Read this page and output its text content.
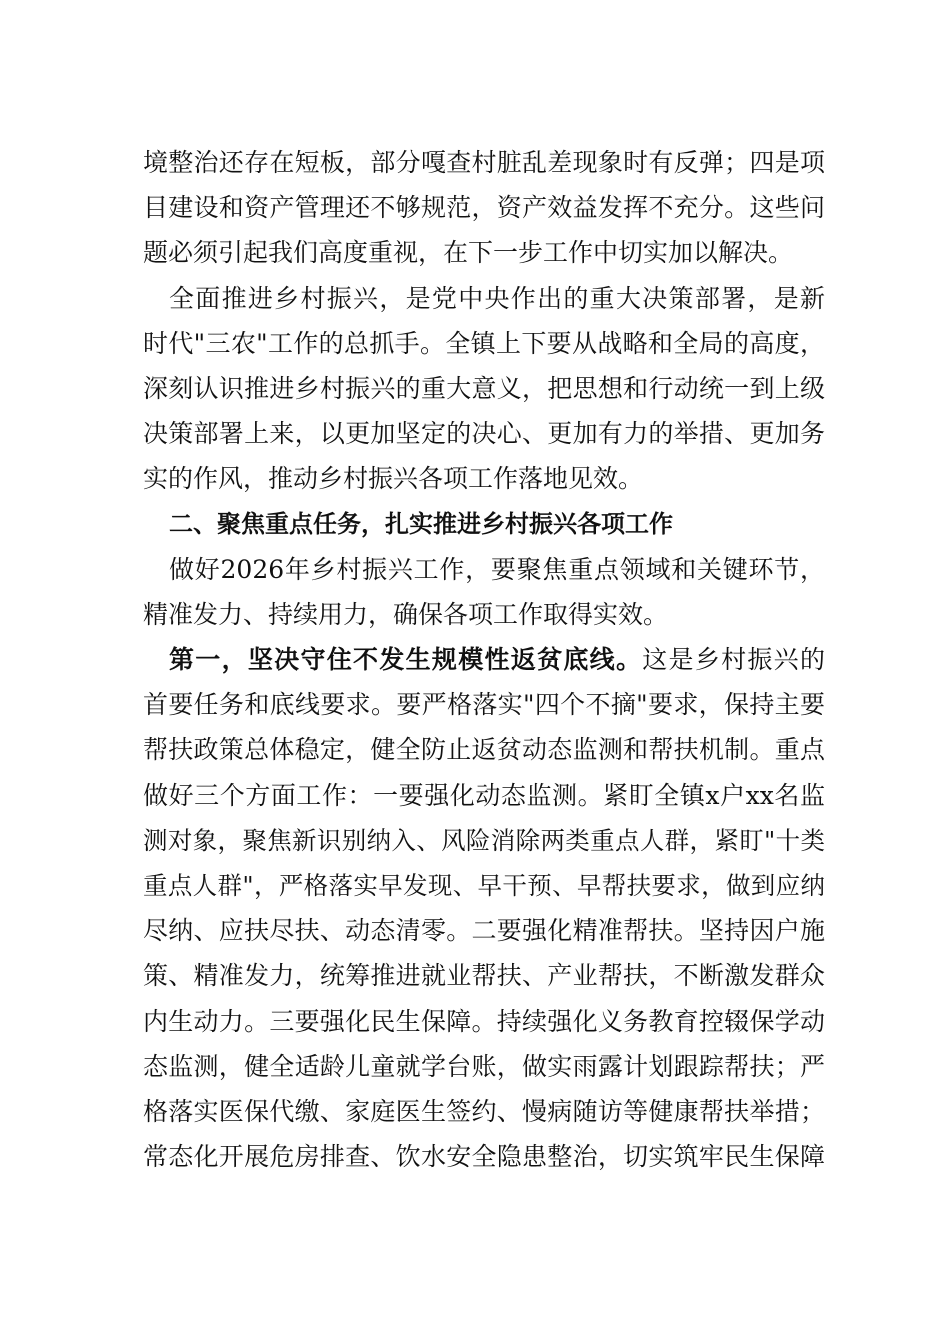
境整治还存在短板，部分嘎查村脏乱差现象时有反弹；四是项
目建设和资产管理还不够规范，资产效益发挥不充分。这些问
题必须引起我们高度重视，在下一步工作中切实加以解决。
全面推进乡村振兴，是党中央作出的重大决策部署，是新
时代"三农"工作的总抓手。全镇上下要从战略和全局的高度，
深刻认识推进乡村振兴的重大意义，把思想和行动统一到上级
决策部署上来，以更加坚定的决心、更加有力的举措、更加务
实的作风，推动乡村振兴各项工作落地见效。
二、聚焦重点任务，扎实推进乡村振兴各项工作
做好2026年乡村振兴工作，要聚焦重点领域和关键环节，
精准发力、持续用力，确保各项工作取得实效。
第一，坚决守住不发生规模性返贫底线。这是乡村振兴的
首要任务和底线要求。要严格落实"四个不摘"要求，保持主要
帮扶政策总体稳定，健全防止返贫动态监测和帮扶机制。重点
做好三个方面工作：一要强化动态监测。紧盯全镇x户xx名监
测对象，聚焦新识别纳入、风险消除两类重点人群，紧盯"十类
重点人群"，严格落实早发现、早干预、早帮扶要求，做到应纳
尽纳、应扶尽扶、动态清零。二要强化精准帮扶。坚持因户施
策、精准发力，统筹推进就业帮扶、产业帮扶，不断激发群众
内生动力。三要强化民生保障。持续强化义务教育控辍保学动
态监测，健全适龄儿童就学台账，做实雨露计划跟踪帮扶；严
格落实医保代缴、家庭医生签约、慢病随访等健康帮扶举措；
常态化开展危房排查、饮水安全隐患整治，切实筑牢民生保障
